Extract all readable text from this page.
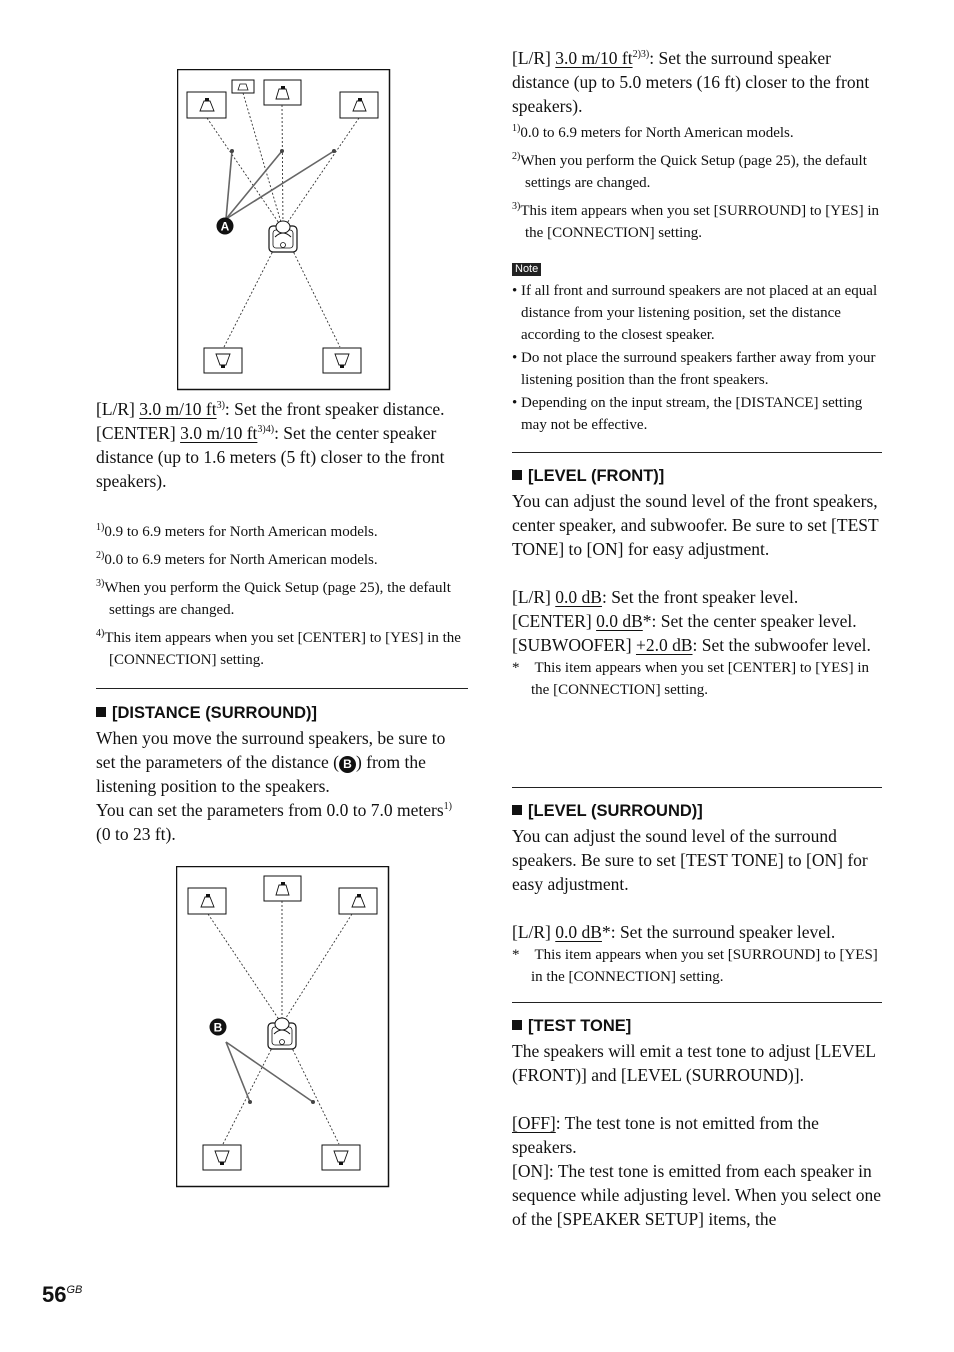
A

[L/R] 3.0 m/10 $ft^{3)}$: Set the front speaker distance.

[CENTER] 3.0 m/10 $ft^{3)4)}$: Set the center speaker distance (up to 1.6 meters (5 ft) closer to the front speakers).

$^{1)}$0.9 to 6.9 meters for North American models.

$^{2)}$0.0 to 6.9 meters for North American models.

$^{3)}$When you perform the Quick Setup (page 25), the default settings are changed.

$^{4)}$This item appears when you set [CENTER] to [YES] in the [CONNECTION] setting.

[DISTANCE (SURROUND)]

When you move the surround speakers, be sure to set the parameters of the distance ( B ) from the listening position to the speakers.

You can set the parameters from 0.0 to 7.0 meters$^{1)}$ (0 to 23 ft).

B

[L/R] 3.0 m/10 $ft^{2)3)}$: Set the surround speaker distance (up to 5.0 meters (16 ft) closer to the front speakers).

$^{1)}$0.0 to 6.9 meters for North American models.

$^{2)}$When you perform the Quick Setup (page 25), the default settings are changed.

$^{3)}$This item appears when you set [SURROUND] to [YES] in the [CONNECTION] setting.

Note

• If all front and surround speakers are not placed at an equal distance from your listening position, set the distance according to the closest speaker.

• Do not place the surround speakers farther away from your listening position than the front speakers.

• Depending on the input stream, the [DISTANCE] setting may not be effective.

[LEVEL (FRONT)]

You can adjust the sound level of the front speakers, center speaker, and subwoofer. Be sure to set [TEST TONE] to [ON] for easy adjustment.

[L/R] 0.0 dB: Set the front speaker level.

[CENTER] 0.0 dB*: Set the center speaker level.

[SUBWOOFER] +2.0 dB: Set the subwoofer level.

* This item appears when you set [CENTER] to [YES] in the [CONNECTION] setting.

[LEVEL (SURROUND)]

You can adjust the sound level of the surround speakers. Be sure to set [TEST TONE] to [ON] for easy adjustment.

[L/R] 0.0 dB*: Set the surround speaker level.

* This item appears when you set [SURROUND] to [YES] in the [CONNECTION] setting.

[TEST TONE]

The speakers will emit a test tone to adjust [LEVEL (FRONT)] and [LEVEL (SURROUND)].

[OFF]: The test tone is not emitted from the speakers.

[ON]: The test tone is emitted from each speaker in sequence while adjusting level. When you select one of the [SPEAKER SETUP] items, the

$56^{GB}$
